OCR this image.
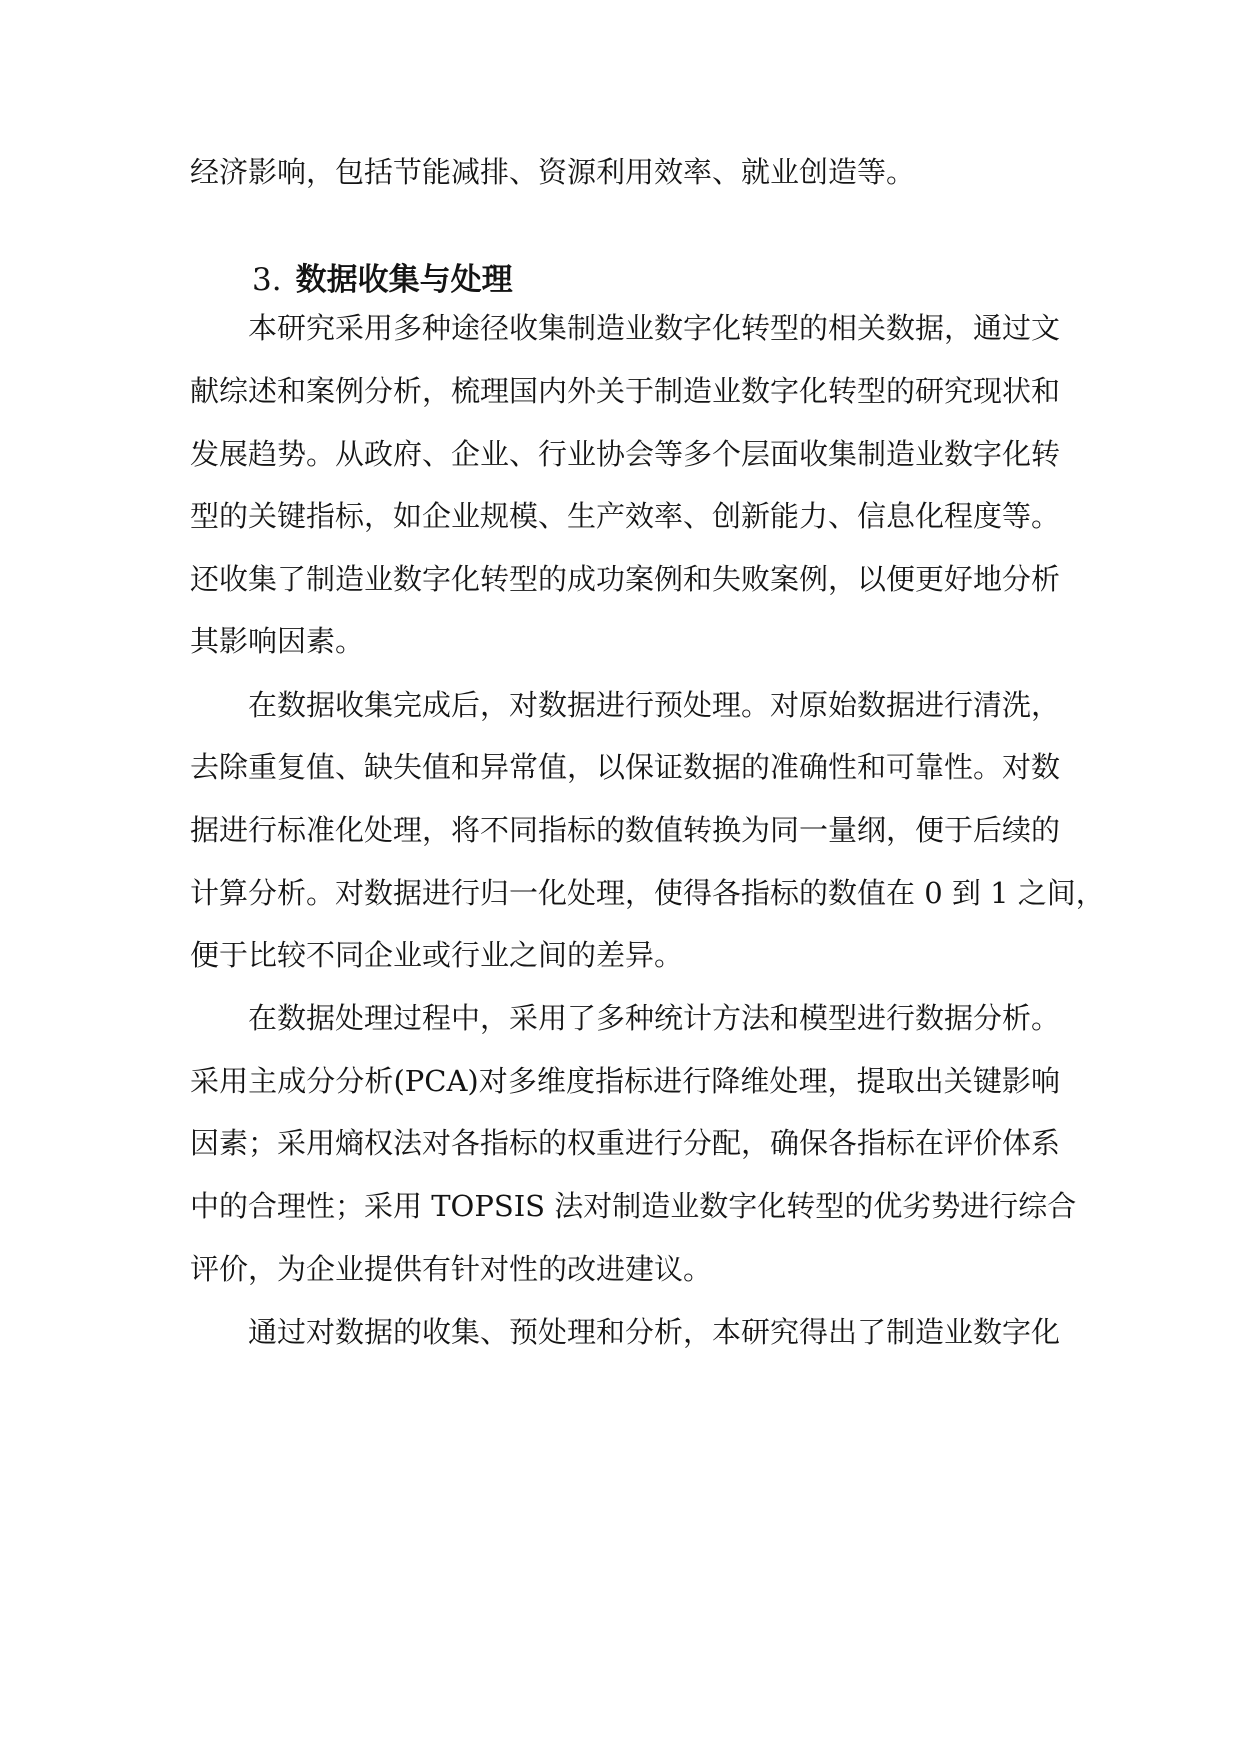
经济影响，包括节能减排、资源利用效率、就业创造等。

3. 数据收集与处理

本研究采用多种途径收集制造业数字化转型的相关数据，通过文

献综述和案例分析，梳理国内外关于制造业数字化转型的研究现状和

发展趋势。从政府、企业、行业协会等多个层面收集制造业数字化转

型的关键指标，如企业规模、生产效率、创新能力、信息化程度等。

还收集了制造业数字化转型的成功案例和失败案例，以便更好地分析

其影响因素。

在数据收集完成后，对数据进行预处理。对原始数据进行清洗，

去除重复值、缺失值和异常值，以保证数据的准确性和可靠性。对数

据进行标准化处理，将不同指标的数值转换为同一量纲，便于后续的

计算分析。对数据进行归一化处理，使得各指标的数值在 0 到 1 之间，

便于比较不同企业或行业之间的差异。

在数据处理过程中，采用了多种统计方法和模型进行数据分析。

采用主成分分析(PCA)对多维度指标进行降维处理，提取出关键影响

因素；采用熵权法对各指标的权重进行分配，确保各指标在评价体系

中的合理性；采用 TOPSIS 法对制造业数字化转型的优劣势进行综合

评价，为企业提供有针对性的改进建议。

通过对数据的收集、预处理和分析，本研究得出了制造业数字化
